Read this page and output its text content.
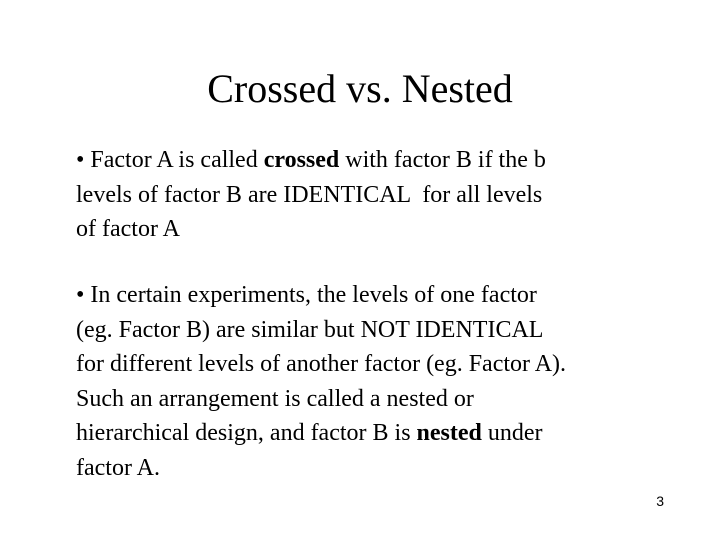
Crossed vs. Nested

• Factor A is called crossed with factor B if the b
levels of factor B are IDENTICAL  for all levels
of factor A

• In certain experiments, the levels of one factor
(eg. Factor B) are similar but NOT IDENTICAL
for different levels of another factor (eg. Factor A).
Such an arrangement is called a nested or
hierarchical design, and factor B is nested under
factor A.

3
